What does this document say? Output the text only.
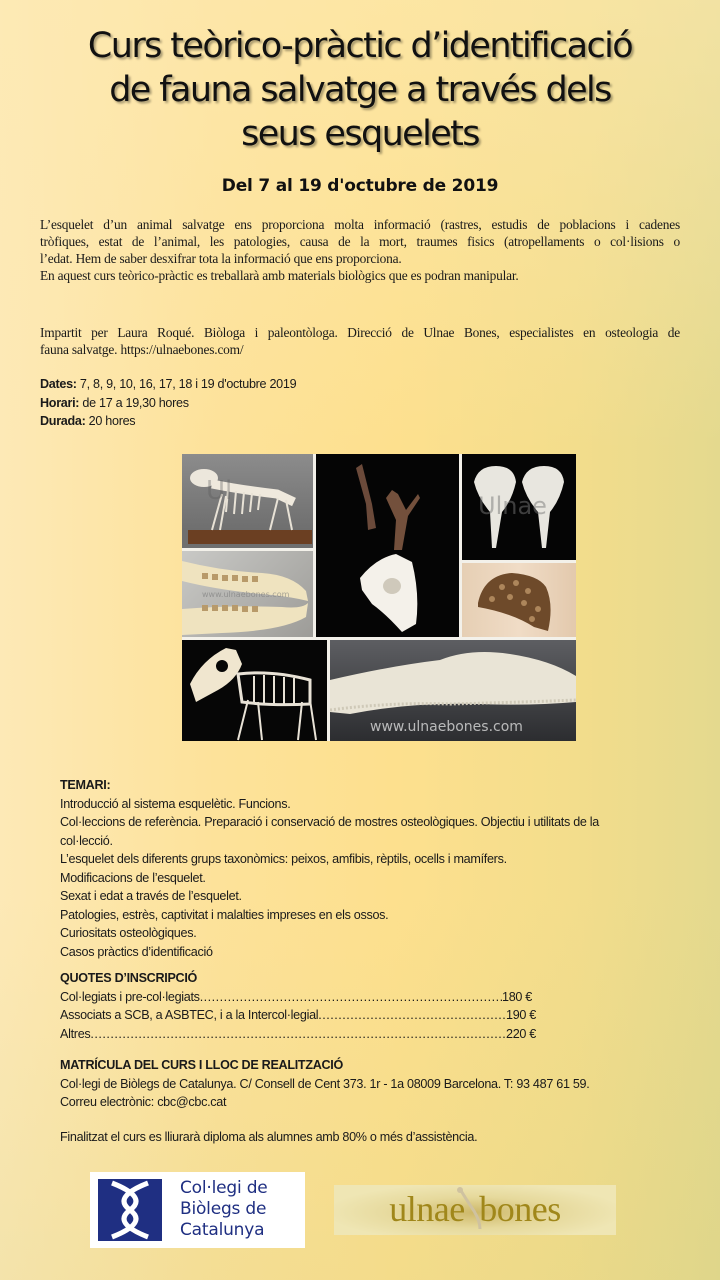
Curs teòrico-pràctic d’identificació
de fauna salvatge a través dels
seus esquelets
Del 7 al 19 d'octubre de 2019
L’esquelet d’un animal salvatge ens proporciona molta informació (rastres, estudis de poblacions i cadenes
tròfiques, estat de l’animal, les patologies, causa de la mort, traumes fisics (atropellaments o col·lisions o
l’edat. Hem de saber desxifrar tota la informació que ens proporciona.
En aquest curs teòrico-pràctic es treballarà amb materials biològics que es podran manipular.
Impartit per Laura Roqué. Biòloga i paleontòloga. Direcció de Ulnae Bones, especialistes en osteologia de
fauna salvatge. https://ulnaebones.com/
Dates: 7, 8, 9, 10, 16, 17, 18 i 19 d'octubre 2019
Horari: de 17 a 19,30 hores
Durada: 20 hores
Ul
www.ulnaebones.com
Ulnae
www.ulnaebones.com
TEMARI:
Introducció al sistema esquelètic. Funcions.
Col·leccions de referència. Preparació i conservació de mostres osteològiques. Objectiu i utilitats de la
col·lecció.
L’esquelet dels diferents grups taxonòmics: peixos, amfibis, rèptils, ocells i mamífers.
Modificacions de l’esquelet.
Sexat i edat a través de l’esquelet.
Patologies, estrès, captivitat i malalties impreses en els ossos.
Curiositats osteològiques.
Casos pràctics d’identificació
QUOTES D’INSCRIPCIÓ
Col·legiats i pre-col·legiats .....	180 €
Associats a SCB, a ASBTEC, i a la Intercol·legial .....	190 €
Altres .....	220 €
MATRÍCULA DEL CURS I LLOC DE REALITZACIÓ
Col·legi de Biòlegs de Catalunya. C/ Consell de Cent 373. 1r - 1a 08009 Barcelona. T: 93 487 61 59.
Correu electrònic: cbc@cbc.cat
Finalitzat el curs es lliurarà diploma als alumnes amb 80% o més d’assistència.
Col·legi de
Biòlegs de
Catalunya
ulnae bones
